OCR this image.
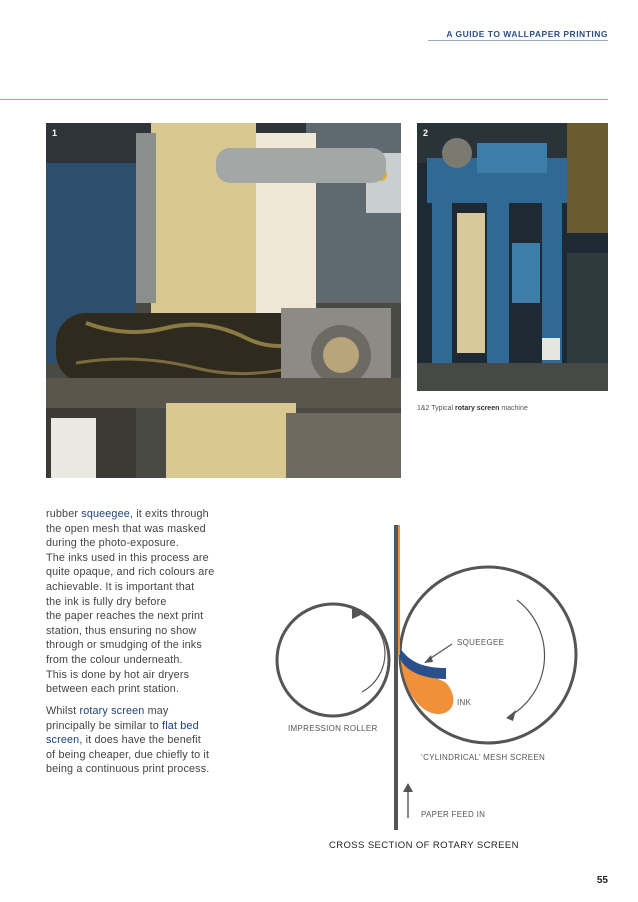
A GUIDE TO WALLPAPER PRINTING
1	2
1&2 Typical rotary screen machine
rubber squeegee, it exits through
the open mesh that was masked
during the photo-exposure.
The inks used in this process are
quite opaque, and rich colours are
achievable. It is important that
the ink is fully dry before
the paper reaches the next print
station, thus ensuring no show
through or smudging of the inks
from the colour underneath.
This is done by hot air dryers
between each print station.
Whilst rotary screen may
principally be similar to flat bed
screen, it does have the benefit
of being cheaper, due chiefly to it
being a continuous print process.
SQUEEGEE
INK
IMPRESSION ROLLER
‘CYLINDRICAL’ MESH SCREEN
PAPER FEED IN
CROSS SECTION OF ROTARY SCREEN
55
